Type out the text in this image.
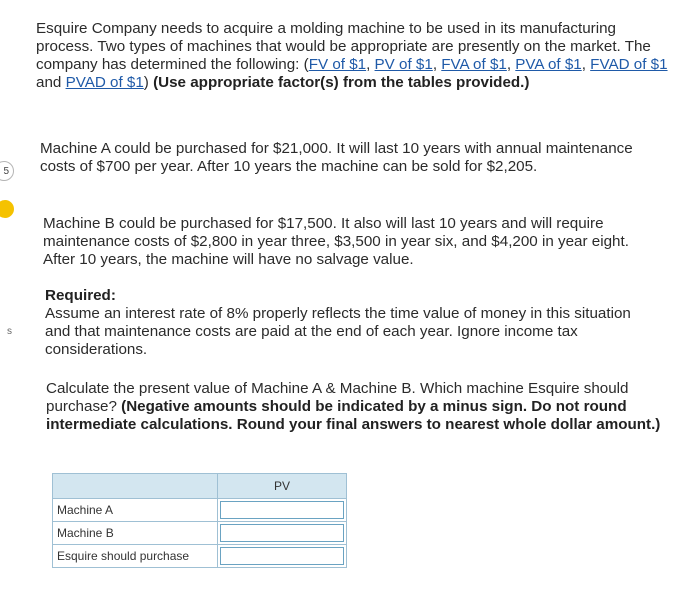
5
s
Esquire Company needs to acquire a molding machine to be used in its manufacturing process. Two types of machines that would be appropriate are presently on the market. The company has determined the following: (FV of $1, PV of $1, FVA of $1, PVA of $1, FVAD of $1 and PVAD of $1) (Use appropriate factor(s) from the tables provided.)
Machine A could be purchased for $21,000. It will last 10 years with annual maintenance costs of $700 per year. After 10 years the machine can be sold for $2,205.
Machine B could be purchased for $17,500. It also will last 10 years and will require maintenance costs of $2,800 in year three, $3,500 in year six, and $4,200 in year eight. After 10 years, the machine will have no salvage value.
Required:
Assume an interest rate of 8% properly reflects the time value of money in this situation and that maintenance costs are paid at the end of each year. Ignore income tax considerations.
Calculate the present value of Machine A & Machine B. Which machine Esquire should purchase? (Negative amounts should be indicated by a minus sign. Do not round intermediate calculations. Round your final answers to nearest whole dollar amount.)
	PV
Machine A	

Machine B	

Esquire should purchase	
